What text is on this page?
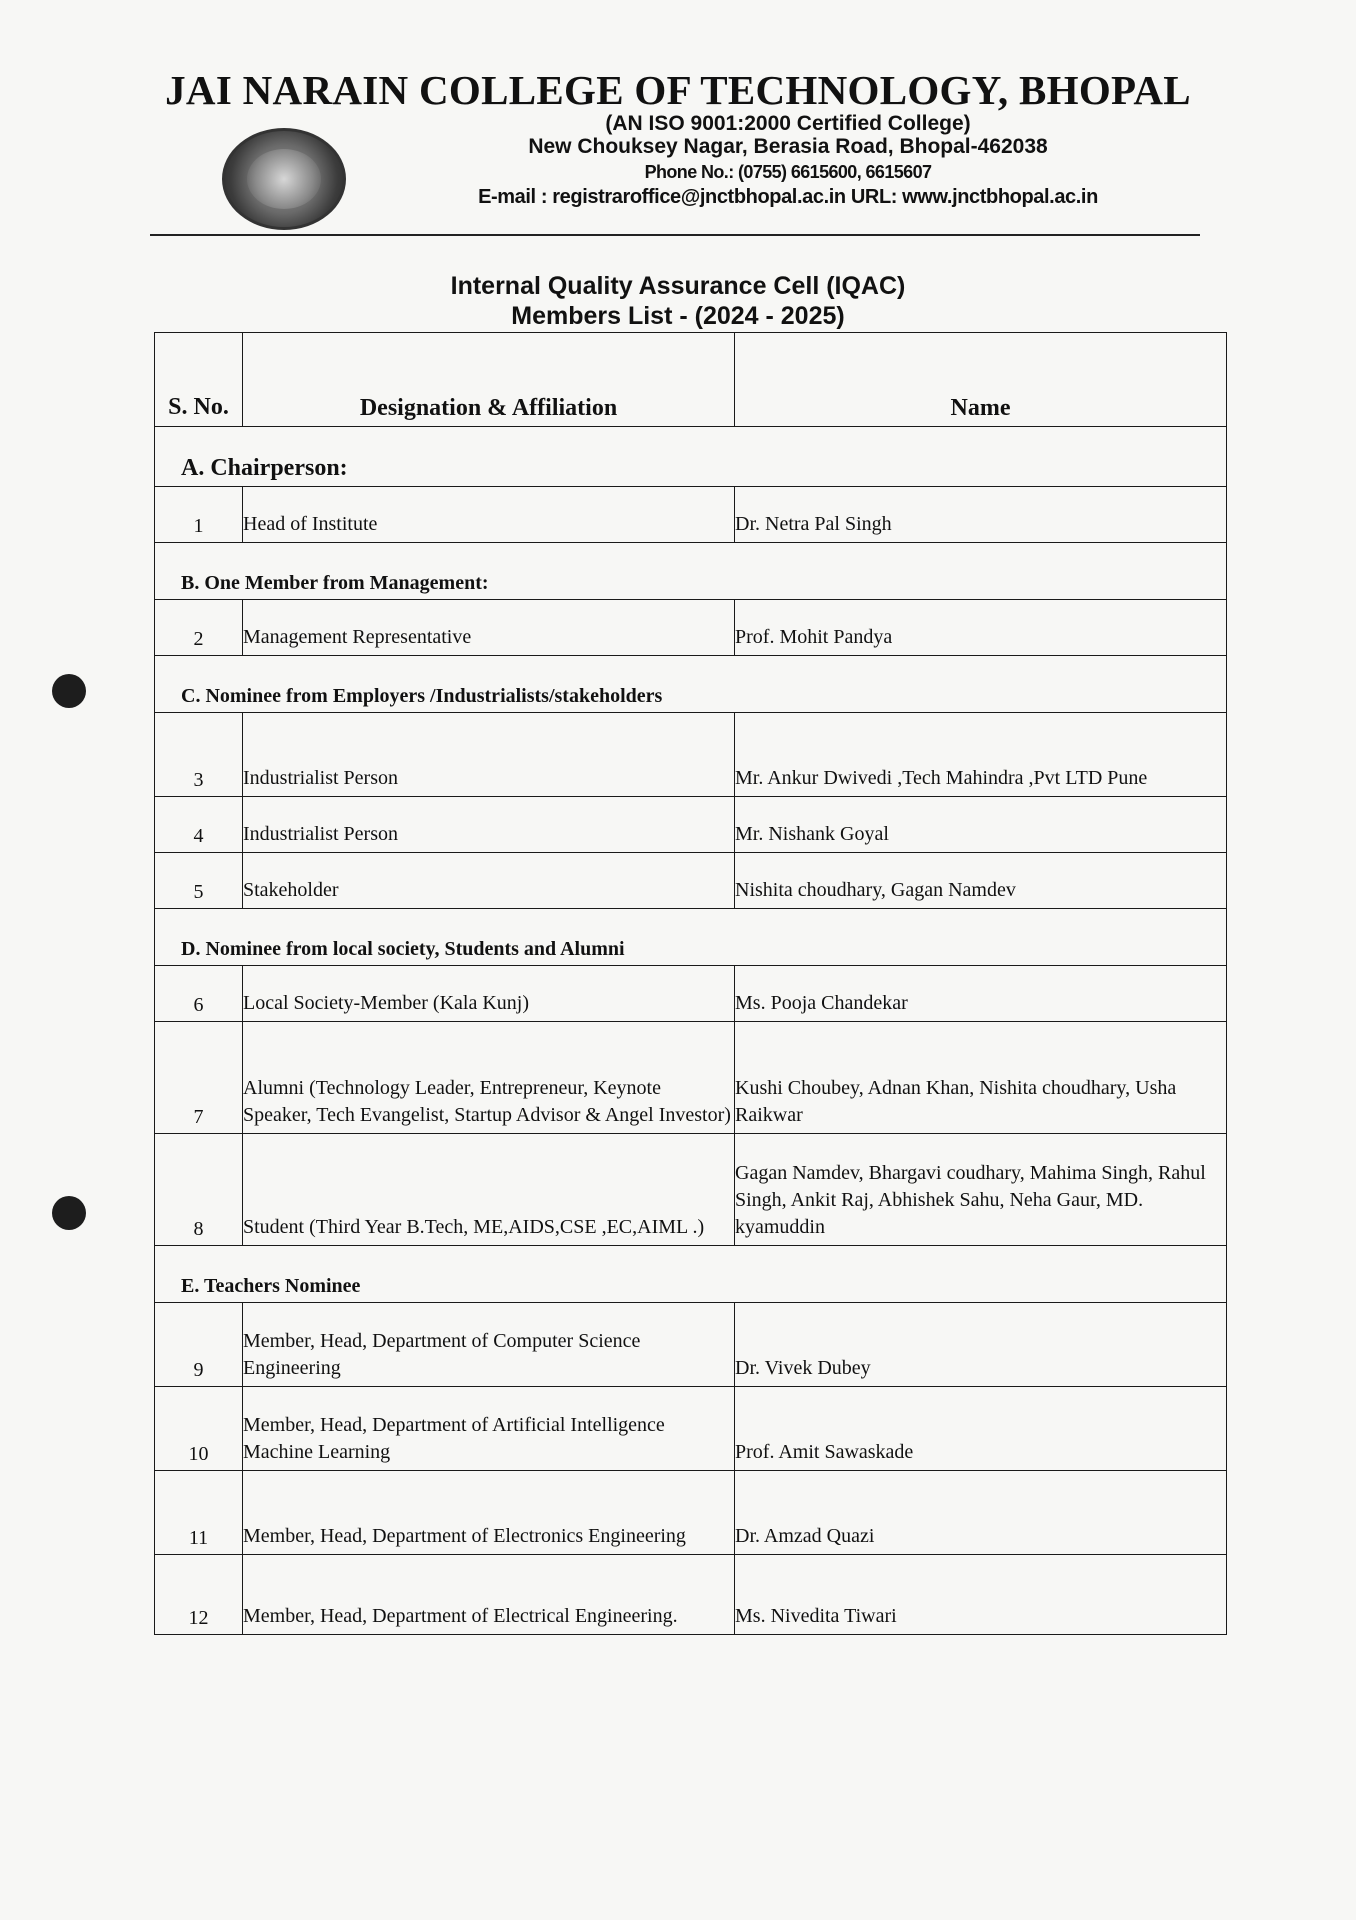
JAI NARAIN COLLEGE OF TECHNOLOGY, BHOPAL
(AN ISO 9001:2000 Certified College)
New Chouksey Nagar, Berasia Road, Bhopal-462038
Phone No.: (0755) 6615600, 6615607
E-mail : registraroffice@jnctbhopal.ac.in URL: www.jnctbhopal.ac.in
Internal Quality Assurance Cell (IQAC)
Members List - (2024 - 2025)
S. No.	Designation & Affiliation	Name
A. Chairperson:		
1	Head of Institute	Dr. Netra Pal Singh
B. One Member from Management:		
2	Management Representative	Prof. Mohit Pandya
C. Nominee from Employers /Industrialists/stakeholders		
3	Industrialist Person	Mr. Ankur Dwivedi ,Tech Mahindra ,Pvt LTD Pune
4	Industrialist Person	Mr. Nishank Goyal
5	Stakeholder	Nishita choudhary, Gagan Namdev
D. Nominee from local society, Students and Alumni		
6	Local Society-Member (Kala Kunj)	Ms. Pooja Chandekar
7	Alumni (Technology Leader, Entrepreneur, Keynote Speaker, Tech Evangelist, Startup Advisor & Angel Investor)	Kushi Choubey, Adnan Khan, Nishita choudhary, Usha Raikwar
8	Student (Third Year B.Tech, ME,AIDS,CSE ,EC,AIML .)	Gagan Namdev, Bhargavi coudhary, Mahima Singh, Rahul Singh, Ankit Raj, Abhishek Sahu, Neha Gaur, MD. kyamuddin
E. Teachers Nominee		
9	Member, Head, Department of Computer Science Engineering	Dr. Vivek Dubey
10	Member, Head, Department of Artificial Intelligence Machine Learning	Prof. Amit Sawaskade
11	Member, Head, Department of Electronics Engineering	Dr. Amzad Quazi
12	Member, Head, Department of Electrical Engineering.	Ms. Nivedita Tiwari
